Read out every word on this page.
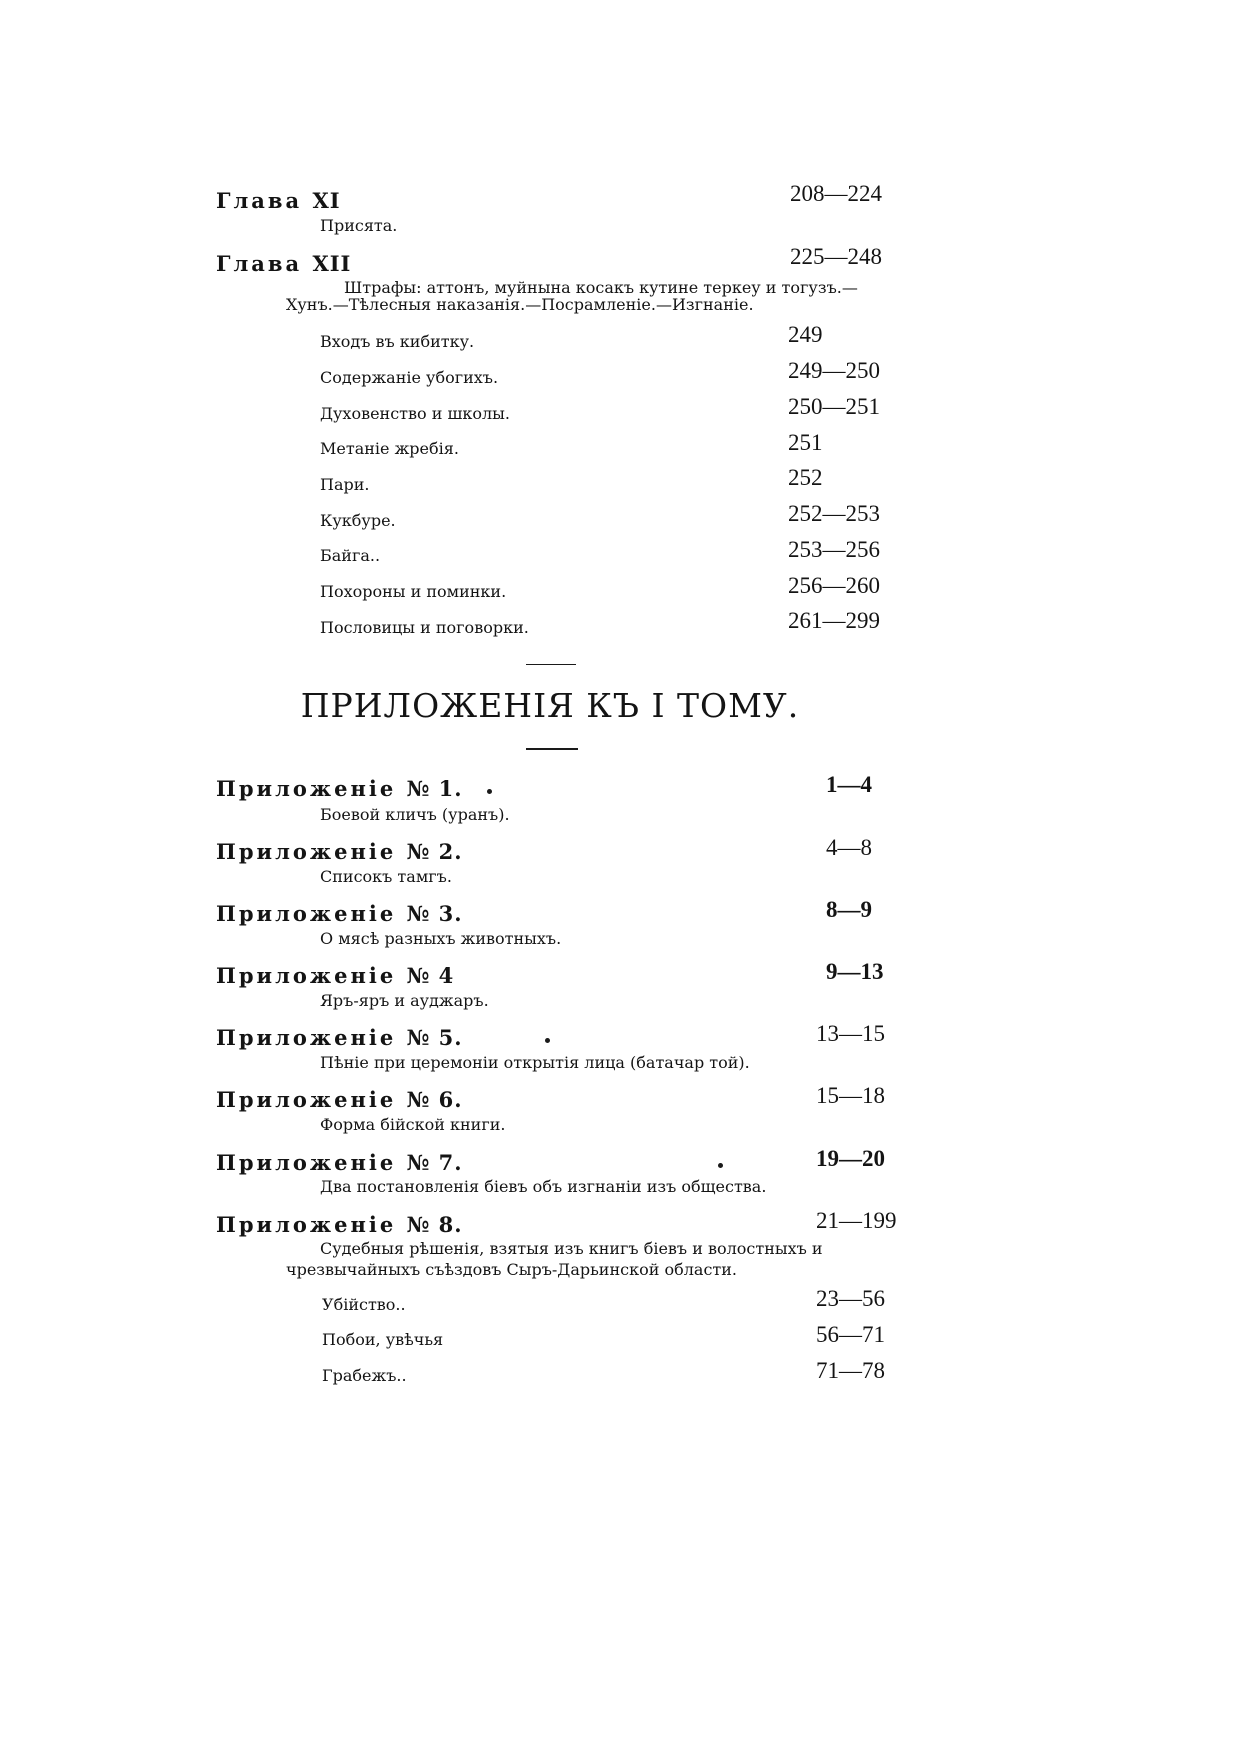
Глава XI	208—224
Присята.
Глава XII	225—248
Штрафы: аттонъ, муйнына косакъ кутине теркеу и тогузъ.—
Хунъ.—Тѣлесныя наказанія.—Посрамленіе.—Изгнаніе.
Входъ въ кибитку.	249
Содержаніе убогихъ.	249—250
Духовенство и школы.	250—251
Метаніе жребія.	251
Пари.	252
Кукбуре.	252—253
Байга..	253—256
Похороны и поминки.	256—260
Пословицы и поговорки.	261—299
ПРИЛОЖЕНІЯ КЪ I ТОМУ.
Приложеніе № 1.	1—4
Боевой кличъ (уранъ).
Приложеніе № 2.	4—8
Списокъ тамгъ.
Приложеніе № 3.	8—9
О мясѣ разныхъ животныхъ.
Приложеніе № 4	9—13
Яръ-яръ и ауджаръ.
Приложеніе № 5.	13—15
Пѣніе при церемоніи открытія лица (батачар той).
Приложеніе № 6.	15—18
Форма бійской книги.
Приложеніе № 7.	19—20
Два постановленія біевъ объ изгнаніи изъ общества.
Приложеніе № 8.	21—199
Судебныя рѣшенія, взятыя изъ книгъ біевъ и волостныхъ и
чрезвычайныхъ съѣздовъ Сыръ-Дарьинской области.
Убійство..	23—56
Побои, увѣчья	56—71
Грабежъ..	71—78
